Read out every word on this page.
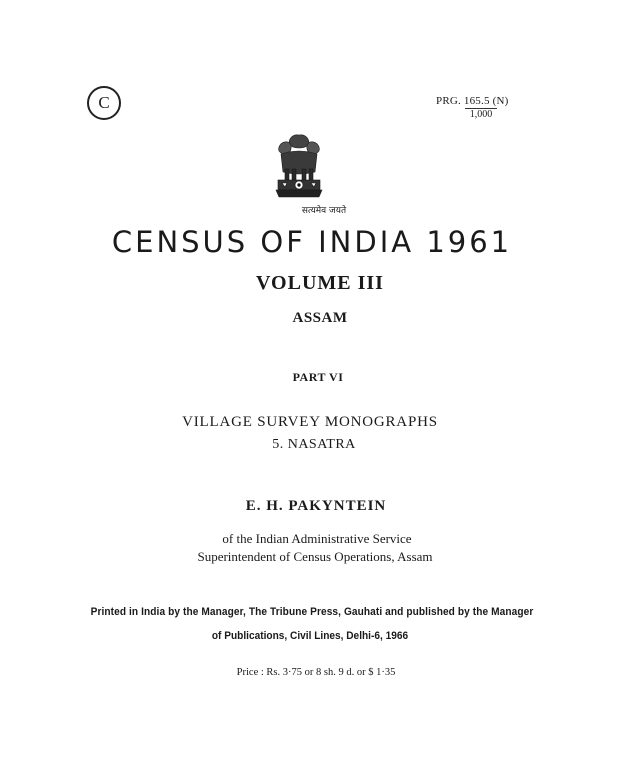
C	PRG. 165.5 (N)
1,000
सत्यमेव जयते
CENSUS OF INDIA 1961
VOLUME III
ASSAM
PART VI
VILLAGE SURVEY MONOGRAPHS
5. NASATRA
E. H. PAKYNTEIN
of the Indian Administrative Service
Superintendent of Census Operations, Assam
Printed in India by the Manager, The Tribune Press, Gauhati and published by the Manager
of Publications, Civil Lines, Delhi-6, 1966
Price : Rs. 3·75 or 8 sh. 9 d. or $ 1·35
